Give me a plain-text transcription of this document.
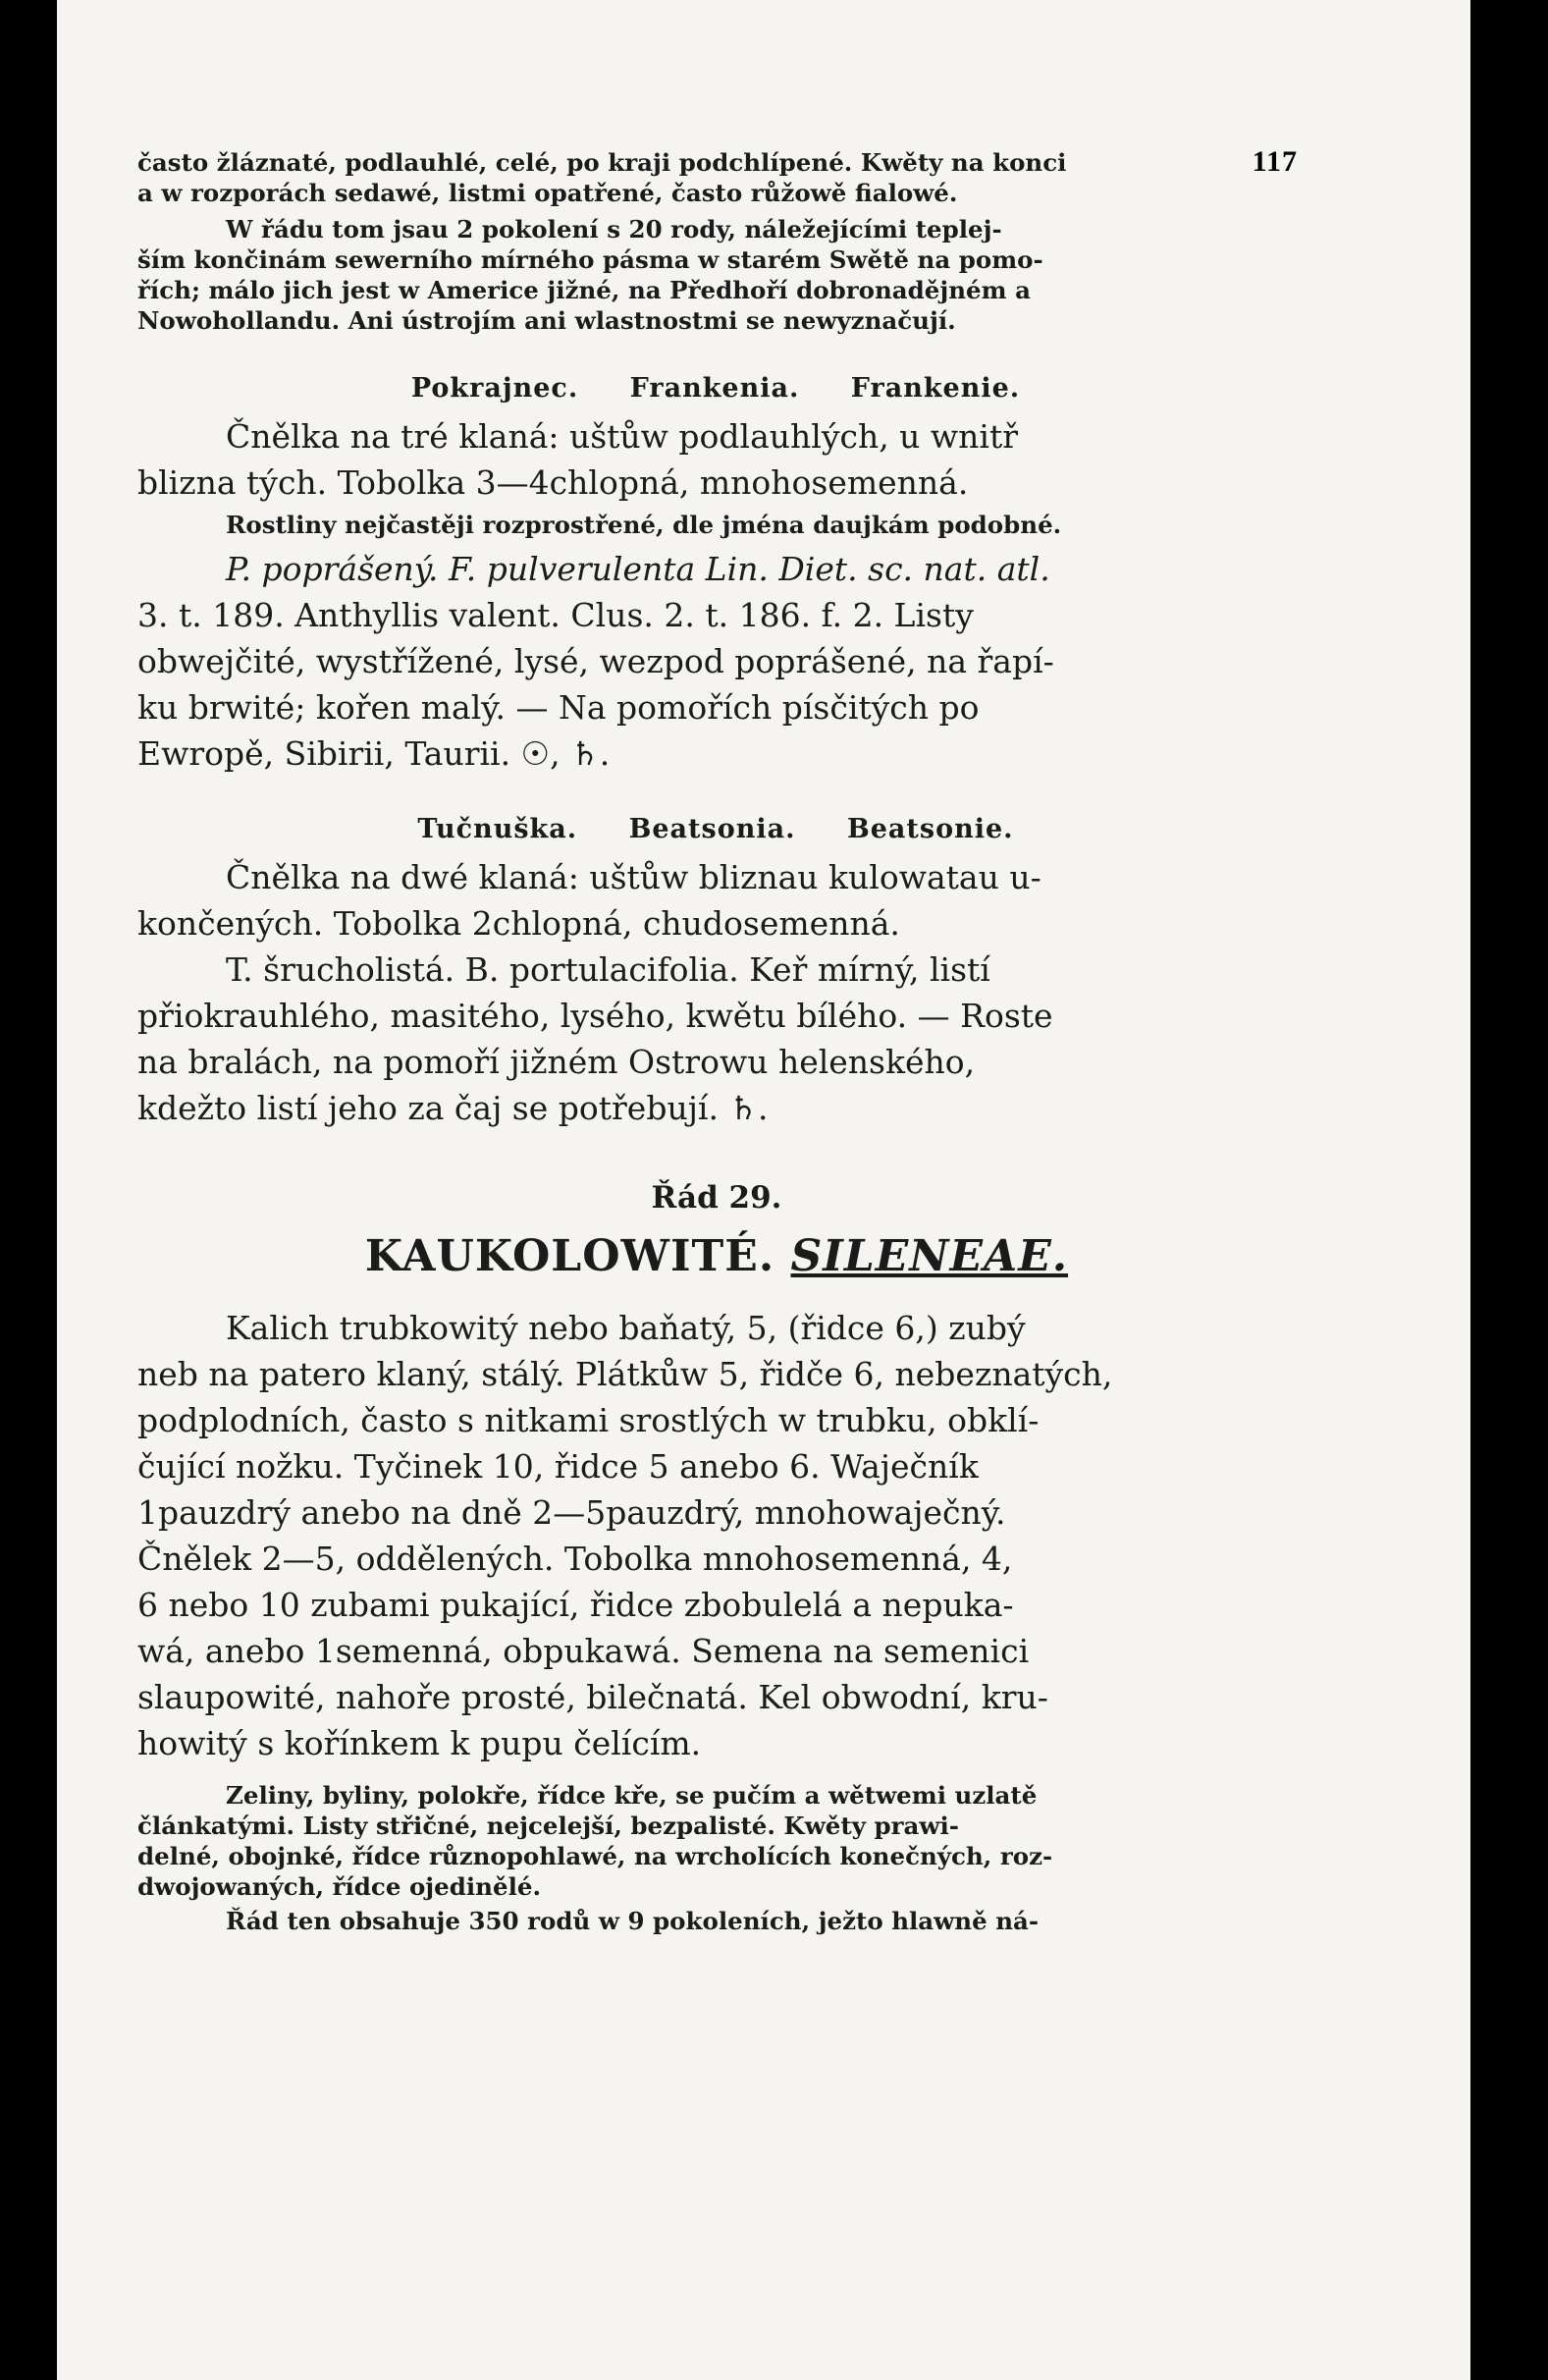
117

často žláznaté, podlauhlé, celé, po kraji podchlípené. Kwěty na konci
a w rozporách sedawé, listmi opatřené, často růžowě fialowé.

W řádu tom jsau 2 pokolení s 20 rody, náležejícími teplej-
ším končinám sewerního mírného pásma w starém Swětě na pomo-
řích; málo jich jest w Americe jižné, na Předhoří dobronadějném a
Nowohollandu. Ani ústrojím ani wlastnostmi se newyznačují.

Pokrajnec. Frankenia. Frankenie.

Čnělka na tré klaná: uštůw podlauhlých, u wnitř
blizna tých. Tobolka 3—4chlopná, mnohosemenná.

Rostliny nejčastěji rozprostřené, dle jména daujkám podobné.

P. poprášený. F. pulverulenta Lin. Diet. sc. nat. atl.
3. t. 189. Anthyllis valent. Clus. 2. t. 186. f. 2. Listy
obwejčité, wystřížené, lysé, wezpod poprášené, na řapí-
ku brwité; kořen malý. — Na pomořích písčitých po
Ewropě, Sibirii, Taurii. ☉, ♄.

Tučnuška. Beatsonia. Beatsonie.

Čnělka na dwé klaná: uštůw bliznau kulowatau u-
končených. Tobolka 2chlopná, chudosemenná.

T. šrucholistá. B. portulacifolia. Keř mírný, listí
přiokrauhlého, masitého, lysého, kwětu bílého. — Roste
na bralách, na pomoří jižném Ostrowu helenského,
kdežto listí jeho za čaj se potřebují. ♄.

Řád 29.
KAUKOLOWITÉ. SILENEAE.

Kalich trubkowitý nebo baňatý, 5, (řidce 6,) zubý
neb na patero klaný, stálý. Plátkůw 5, řidče 6, nebeznatých,
podplodních, často s nitkami srostlých w trubku, obklí-
čující nožku. Tyčinek 10, řidce 5 anebo 6. Waječník
1pauzdrý anebo na dně 2—5pauzdrý, mnohowaječný.
Čnělek 2—5, oddělených. Tobolka mnohosemenná, 4,
6 nebo 10 zubami pukající, řidce zbobulelá a nepuka-
wá, anebo 1semenná, obpukawá. Semena na semenici
slaupowité, nahoře prosté, bilečnatá. Kel obwodní, kru-
howitý s kořínkem k pupu čelícím.

Zeliny, byliny, polokře, řídce kře, se pučím a wětwemi uzlatě
článkatými. Listy střičné, nejcelejší, bezpalisté. Kwěty prawi-
delné, obojnké, řídce různopohlawé, na wrcholících konečných, roz-
dwojowaných, řídce ojedinělé.

Řád ten obsahuje 350 rodů w 9 pokoleních, ježto hlawně ná-
